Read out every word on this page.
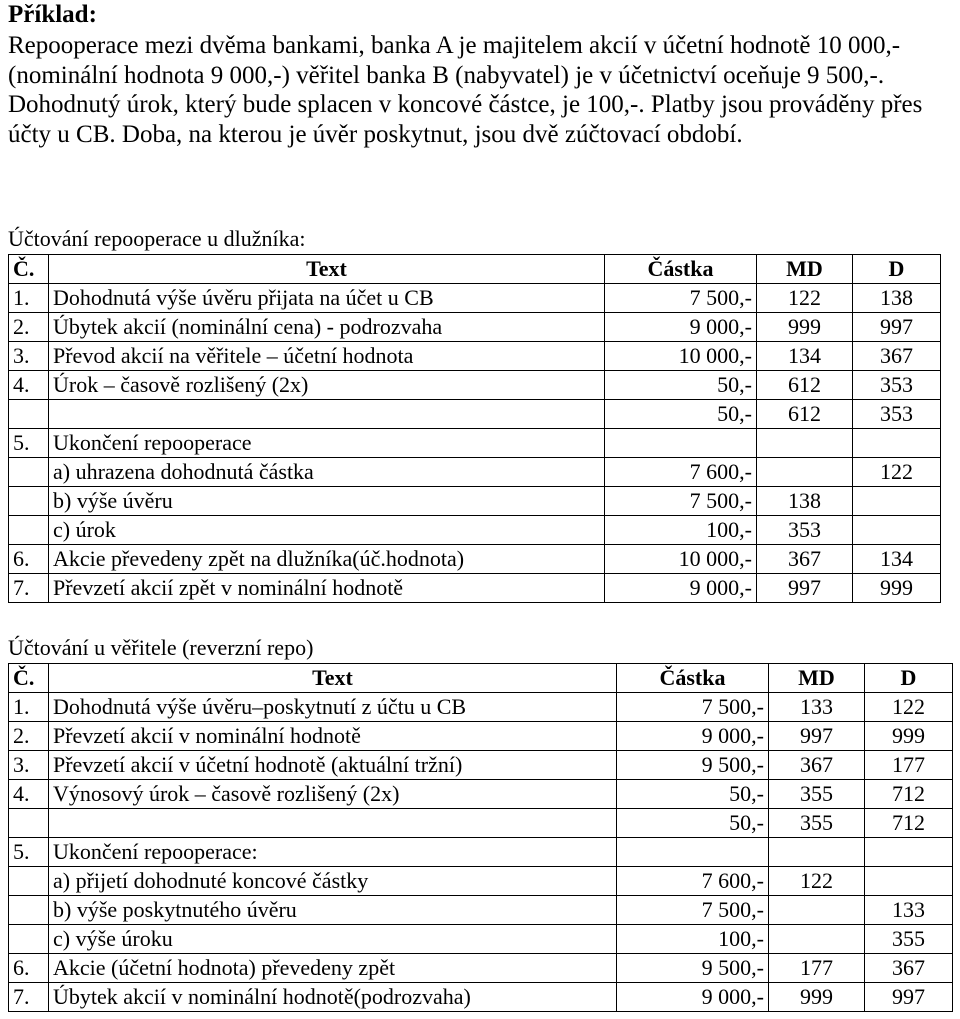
Příklad:
Repooperace mezi dvěma bankami, banka A je majitelem akcií v účetní hodnotě 10 000,- (nominální hodnota 9 000,-) věřitel banka B (nabyvatel) je v účetnictví oceňuje 9 500,-. Dohodnutý úrok, který bude splacen v koncové částce, je 100,-. Platby jsou prováděny přes účty u CB. Doba, na kterou je úvěr poskytnut, jsou dvě zúčtovací období.
Účtování repooperace u dlužníka:
Č.	Text	Částka	MD	D
1.	Dohodnutá výše úvěru přijata na účet u CB	7 500,-	122	138
2.	Úbytek akcií (nominální cena) - podrozvaha	9 000,-	999	997
3.	Převod akcií na věřitele – účetní hodnota	10 000,-	134	367
4.	Úrok – časově rozlišený (2x)	50,-	612	353
		50,-	612	353
5.	Ukončení repooperace			
	a) uhrazena dohodnutá částka	7 600,-		122
	b) výše úvěru	7 500,-	138	
	c) úrok	100,-	353	
6.	Akcie převedeny zpět na dlužníka(úč.hodnota)	10 000,-	367	134
7.	Převzetí akcií zpět v nominální hodnotě	9 000,-	997	999
Účtování u věřitele (reverzní repo)
Č.	Text	Částka	MD	D
1.	Dohodnutá výše úvěru–poskytnutí z účtu u CB	7 500,-	133	122
2.	Převzetí akcií v nominální hodnotě	9 000,-	997	999
3.	Převzetí akcií v účetní hodnotě (aktuální tržní)	9 500,-	367	177
4.	Výnosový úrok – časově rozlišený (2x)	50,-	355	712
		50,-	355	712
5.	Ukončení repooperace:			
	a) přijetí dohodnuté koncové částky	7 600,-	122	
	b) výše poskytnutého úvěru	7 500,-		133
	c) výše úroku	100,-		355
6.	Akcie (účetní hodnota) převedeny zpět	9 500,-	177	367
7.	Úbytek akcií v nominální hodnotě(podrozvaha)	9 000,-	999	997
